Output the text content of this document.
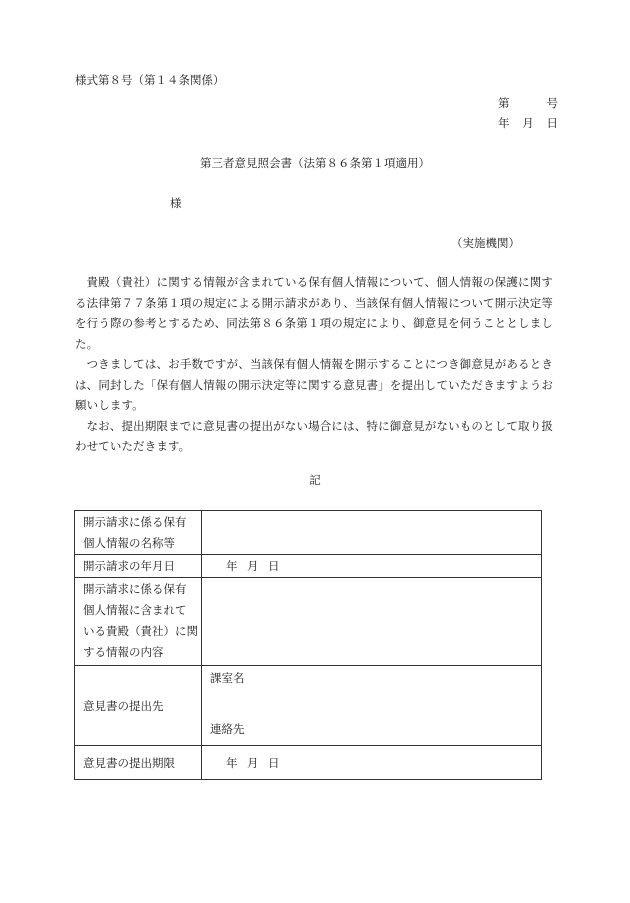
様式第８号（第１４条関係）
第	号
年 月 日
第三者意見照会書（法第８６条第１項適用）
様
（実施機関）

貴殿（貴社）に関する情報が含まれている保有個人情報について、個人情報の保護に関する法律第７７条第１項の規定による開示請求があり、当該保有個人情報について開示決定等を行う際の参考とするため、同法第８６条第１項の規定により、御意見を伺うこととしました。

つきましては、お手数ですが、当該保有個人情報を開示することにつき御意見があるときは、同封した「保有個人情報の開示決定等に関する意見書」を提出していただきますようお願いします。

なお、提出期限までに意見書の提出がない場合には、特に御意見がないものとして取り扱わせていただきます。

記
開示請求に係る保有
個人情報の名称等	

開示請求の年月日	年 月 日

開示請求に係る保有
個人情報に含まれて
いる貴殿（貴社）に関
する情報の内容	

意見書の提出先	課室名
連絡先

意見書の提出期限	年 月 日
